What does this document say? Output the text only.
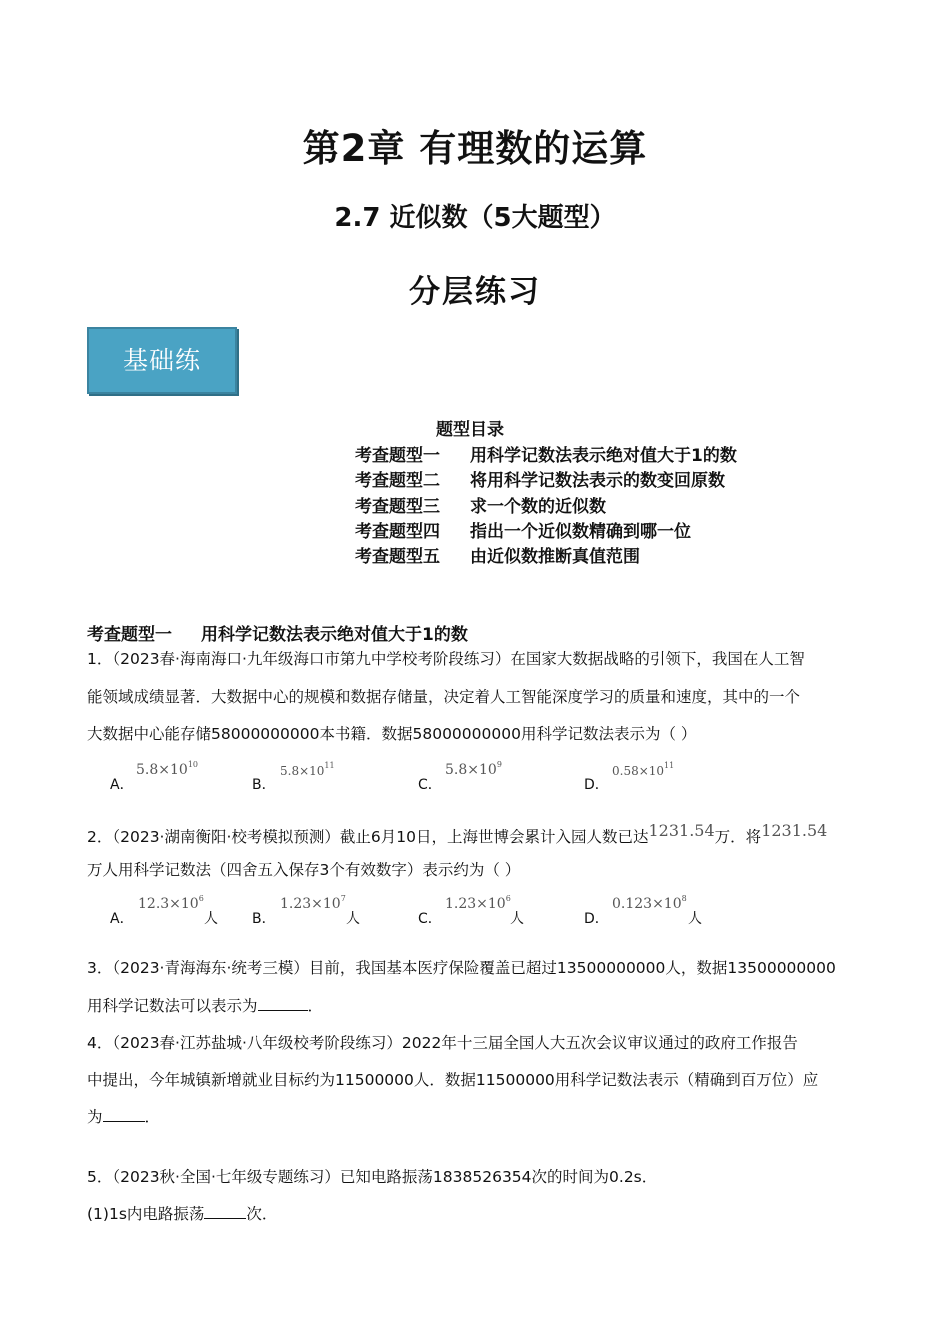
第2章 有理数的运算
2.7 近似数（5大题型）
分层练习
基础练
题型目录
考查题型一 用科学记数法表示绝对值大于1的数
考查题型二 将用科学记数法表示的数变回原数
考查题型三 求一个数的近似数
考查题型四 指出一个近似数精确到哪一位
考查题型五 由近似数推断真值范围
考查题型一 用科学记数法表示绝对值大于1的数
1．（2023春·海南海口·九年级海口市第九中学校考阶段练习）在国家大数据战略的引领下，我国在人工智
能领域成绩显著．大数据中心的规模和数据存储量，决定着人工智能深度学习的质量和速度，其中的一个
大数据中心能存储58000000000本书籍．数据58000000000用科学记数法表示为（ ）
A．
$5.8\times 10^{10}$
B．
$5.8\times 10^{11}$
C．
$5.8\times 10^9$
D．
$0.58\times 10^{11}$
2．（2023·湖南衡阳·校考模拟预测）截止6月10日，上海世博会累计入园人数已达1231.54万．将1231.54
万人用科学记数法（四舍五入保存3个有效数字）表示约为（ ）
A．
$12.3\times 10^6$
人 B．
$1.23\times 10^7$
人	C．
$1.23\times 10^6$
人	D．
$0.123\times 10^8$
人
3．（2023·青海海东·统考三模）目前，我国基本医疗保险覆盖已超过13500000000人，数据13500000000
用科学记数法可以表示为	．
4．（2023春·江苏盐城·八年级校考阶段练习）2022年十三届全国人大五次会议审议通过的政府工作报告
中提出，今年城镇新增就业目标约为11500000人．数据11500000用科学记数法表示（精确到百万位）应
为	．
5．（2023秋·全国·七年级专题练习）已知电路振荡1838526354次的时间为0.2s．
(1)1s内电路振荡	次．
